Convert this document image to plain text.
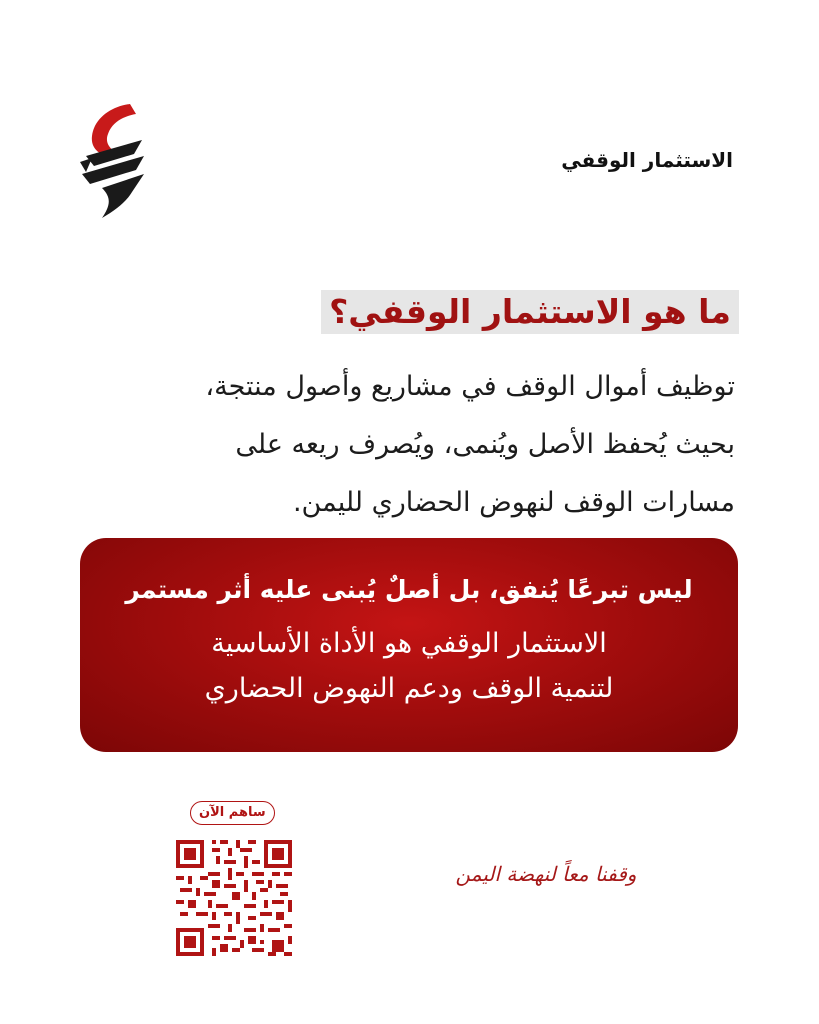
الاستثمار الوقفي
ما هو الاستثمار الوقفي؟
توظيف أموال الوقف في مشاريع وأصول منتجة،
بحيث يُحفظ الأصل ويُنمى، ويُصرف ريعه على
مسارات الوقف لنهوض الحضاري لليمن.
ليس تبرعًا يُنفق، بل أصلٌ يُبنى عليه أثر مستمر
الاستثمار الوقفي هو الأداة الأساسية
لتنمية الوقف ودعم النهوض الحضاري
ساهم الآن
وقفنا معاً لنهضة اليمن
